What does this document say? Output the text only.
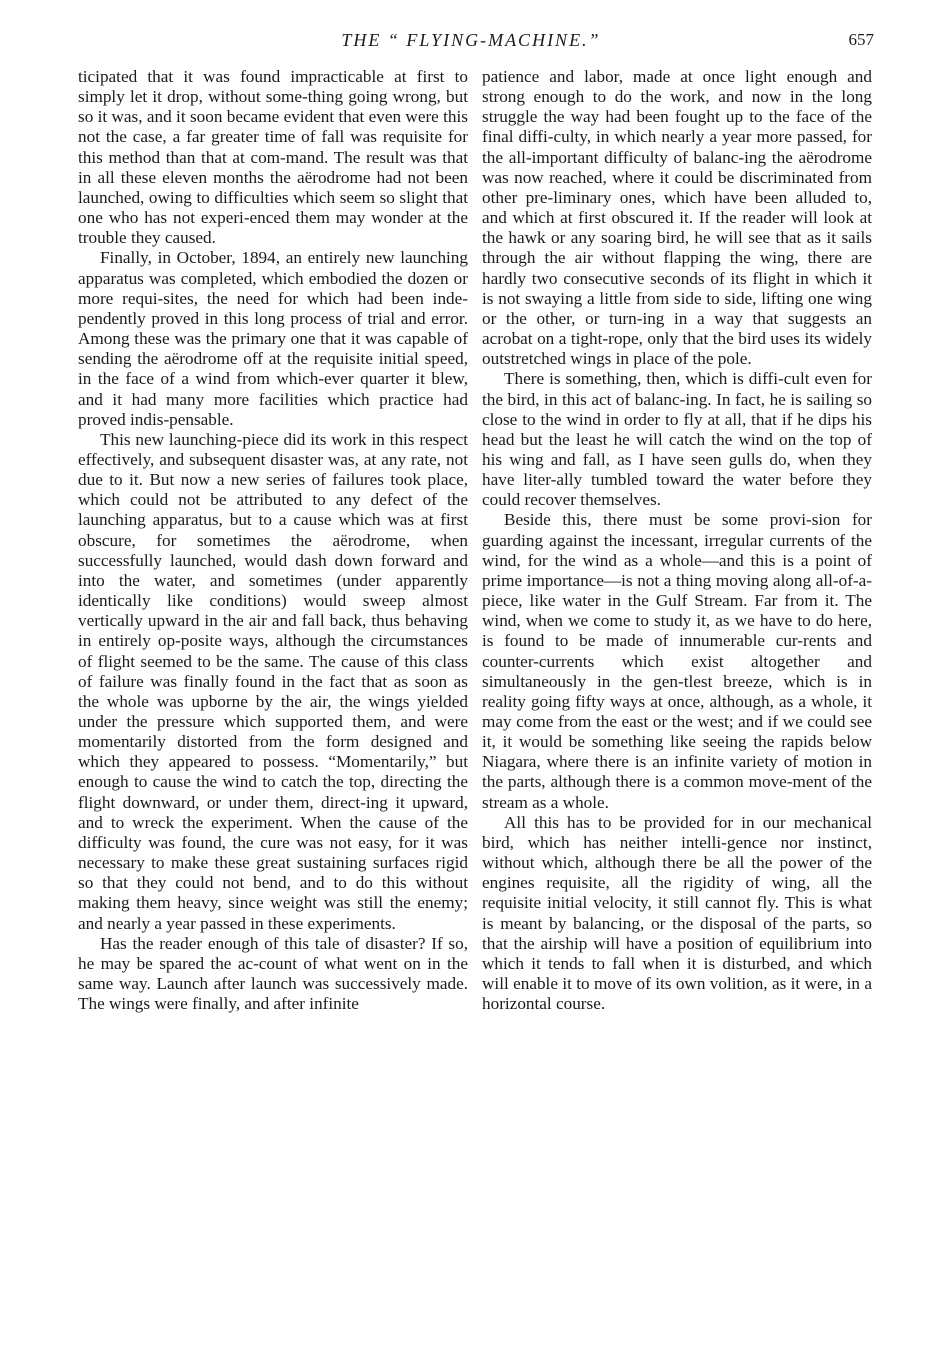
THE “ FLYING-MACHINE.”	657

ticipated that it was found impracticable at first to simply let it drop, without some-thing going wrong, but so it was, and it soon became evident that even were this not the case, a far greater time of fall was requisite for this method than that at com-mand. The result was that in all these eleven months the aërodrome had not been launched, owing to difficulties which seem so slight that one who has not experi-enced them may wonder at the trouble they caused.

Finally, in October, 1894, an entirely new launching apparatus was completed, which embodied the dozen or more requi-sites, the need for which had been inde-pendently proved in this long process of trial and error. Among these was the primary one that it was capable of sending the aërodrome off at the requisite initial speed, in the face of a wind from which-ever quarter it blew, and it had many more facilities which practice had proved indis-pensable.

This new launching-piece did its work in this respect effectively, and subsequent disaster was, at any rate, not due to it. But now a new series of failures took place, which could not be attributed to any defect of the launching apparatus, but to a cause which was at first obscure, for sometimes the aërodrome, when successfully launched, would dash down forward and into the water, and sometimes (under apparently identically like conditions) would sweep almost vertically upward in the air and fall back, thus behaving in entirely op-posite ways, although the circumstances of flight seemed to be the same. The cause of this class of failure was finally found in the fact that as soon as the whole was upborne by the air, the wings yielded under the pressure which supported them, and were momentarily distorted from the form designed and which they appeared to possess. “Momentarily,” but enough to cause the wind to catch the top, directing the flight downward, or under them, direct-ing it upward, and to wreck the experiment. When the cause of the difficulty was found, the cure was not easy, for it was necessary to make these great sustaining surfaces rigid so that they could not bend, and to do this without making them heavy, since weight was still the enemy; and nearly a year passed in these experiments.

Has the reader enough of this tale of disaster? If so, he may be spared the ac-count of what went on in the same way. Launch after launch was successively made. The wings were finally, and after infinite

patience and labor, made at once light enough and strong enough to do the work, and now in the long struggle the way had been fought up to the face of the final diffi-culty, in which nearly a year more passed, for the all-important difficulty of balanc-ing the aërodrome was now reached, where it could be discriminated from other pre-liminary ones, which have been alluded to, and which at first obscured it. If the reader will look at the hawk or any soaring bird, he will see that as it sails through the air without flapping the wing, there are hardly two consecutive seconds of its flight in which it is not swaying a little from side to side, lifting one wing or the other, or turn-ing in a way that suggests an acrobat on a tight-rope, only that the bird uses its widely outstretched wings in place of the pole.

There is something, then, which is diffi-cult even for the bird, in this act of balanc-ing. In fact, he is sailing so close to the wind in order to fly at all, that if he dips his head but the least he will catch the wind on the top of his wing and fall, as I have seen gulls do, when they have liter-ally tumbled toward the water before they could recover themselves.

Beside this, there must be some provi-sion for guarding against the incessant, irregular currents of the wind, for the wind as a whole—and this is a point of prime importance—is not a thing moving along all-of-a-piece, like water in the Gulf Stream. Far from it. The wind, when we come to study it, as we have to do here, is found to be made of innumerable cur-rents and counter-currents which exist altogether and simultaneously in the gen-tlest breeze, which is in reality going fifty ways at once, although, as a whole, it may come from the east or the west; and if we could see it, it would be something like seeing the rapids below Niagara, where there is an infinite variety of motion in the parts, although there is a common move-ment of the stream as a whole.

All this has to be provided for in our mechanical bird, which has neither intelli-gence nor instinct, without which, although there be all the power of the engines requisite, all the rigidity of wing, all the requisite initial velocity, it still cannot fly. This is what is meant by balancing, or the disposal of the parts, so that the airship will have a position of equilibrium into which it tends to fall when it is disturbed, and which will enable it to move of its own volition, as it were, in a horizontal course.
